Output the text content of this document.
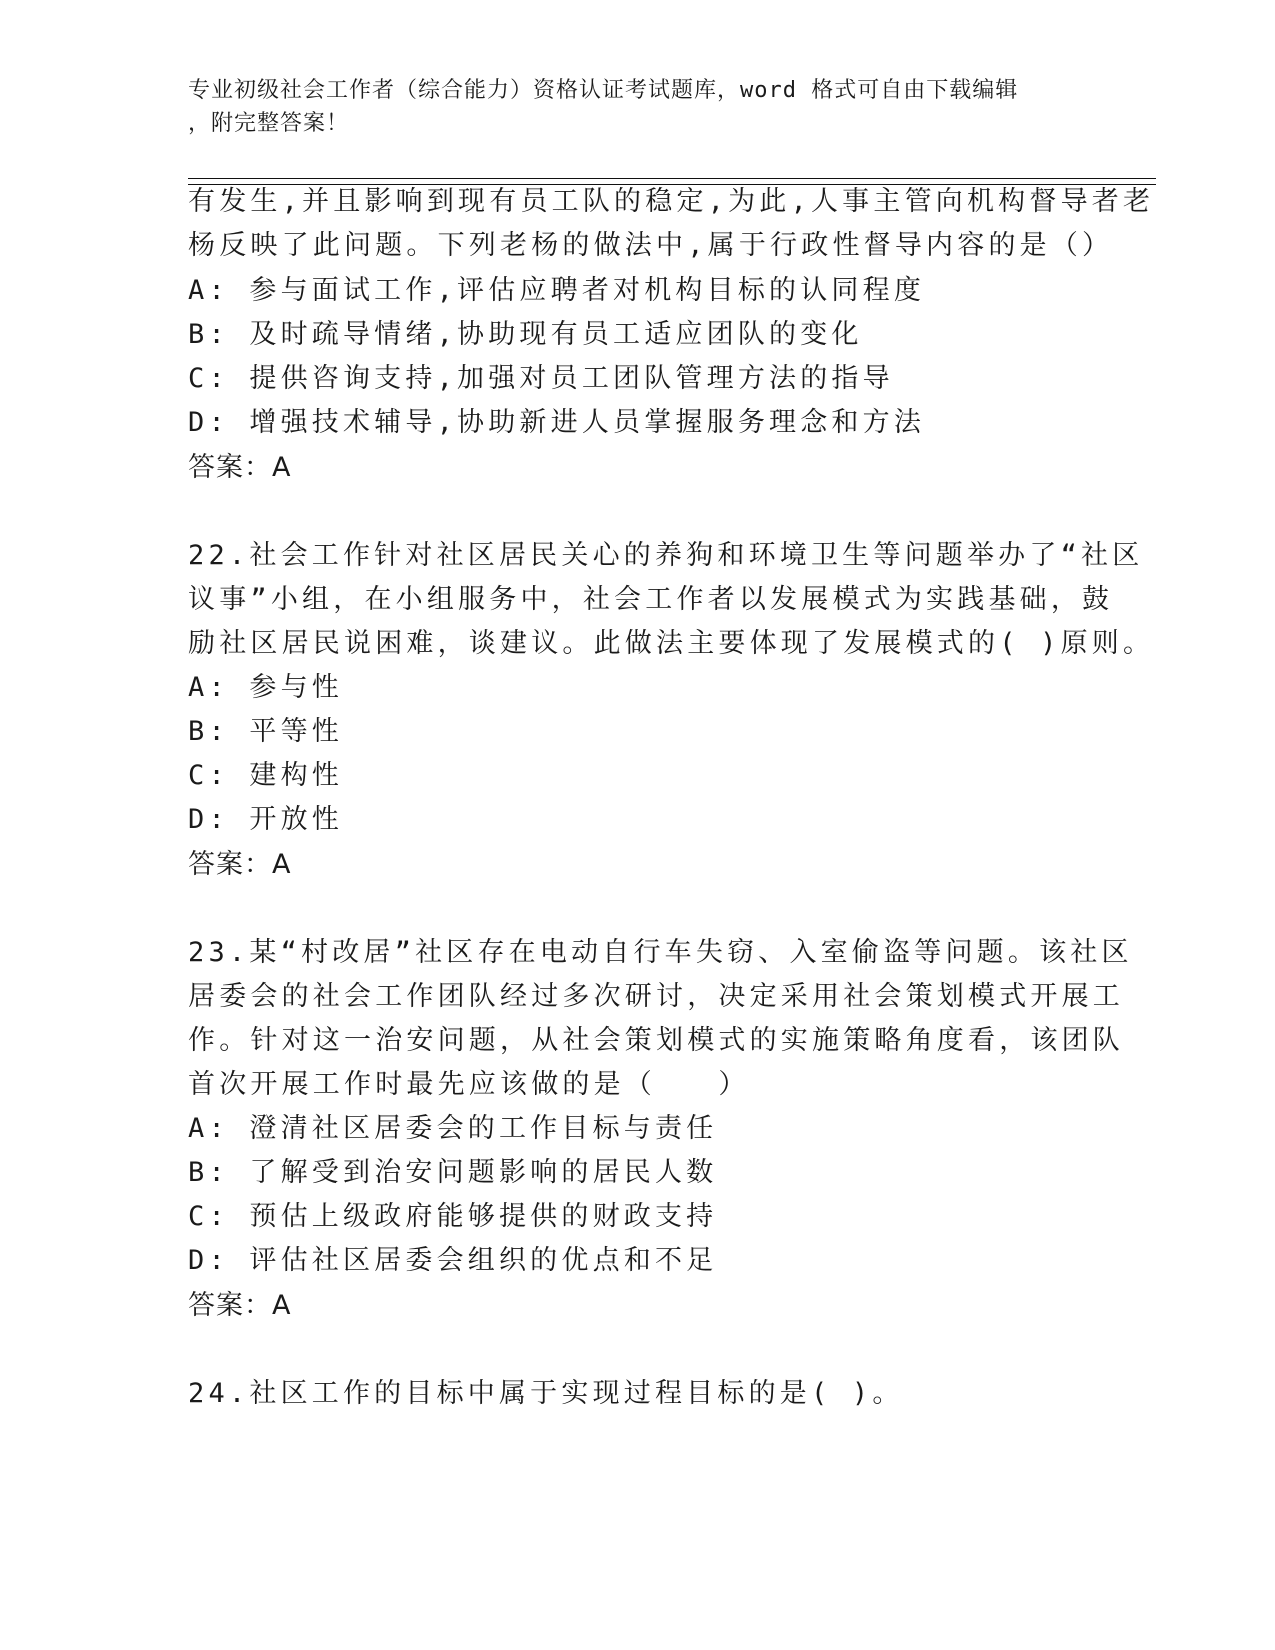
专业初级社会工作者（综合能力）资格认证考试题库，word 格式可自由下载编辑
，附完整答案！
有发生,并且影响到现有员工队的稳定,为此,人事主管向机构督导者老
杨反映了此问题。下列老杨的做法中,属于行政性督导内容的是（）
A: 参与面试工作,评估应聘者对机构目标的认同程度
B: 及时疏导情绪,协助现有员工适应团队的变化
C: 提供咨询支持,加强对员工团队管理方法的指导
D: 增强技术辅导,协助新进人员掌握服务理念和方法
答案：A
22.社会工作针对社区居民关心的养狗和环境卫生等问题举办了“社区
议事”小组，在小组服务中，社会工作者以发展模式为实践基础，鼓
励社区居民说困难，谈建议。此做法主要体现了发展模式的( )原则。
A: 参与性
B: 平等性
C: 建构性
D: 开放性
答案：A
23.某“村改居”社区存在电动自行车失窃、入室偷盗等问题。该社区
居委会的社会工作团队经过多次研讨，决定采用社会策划模式开展工
作。针对这一治安问题，从社会策划模式的实施策略角度看，该团队
首次开展工作时最先应该做的是（　　）
A: 澄清社区居委会的工作目标与责任
B: 了解受到治安问题影响的居民人数
C: 预估上级政府能够提供的财政支持
D: 评估社区居委会组织的优点和不足
答案：A
24.社区工作的目标中属于实现过程目标的是( )。
